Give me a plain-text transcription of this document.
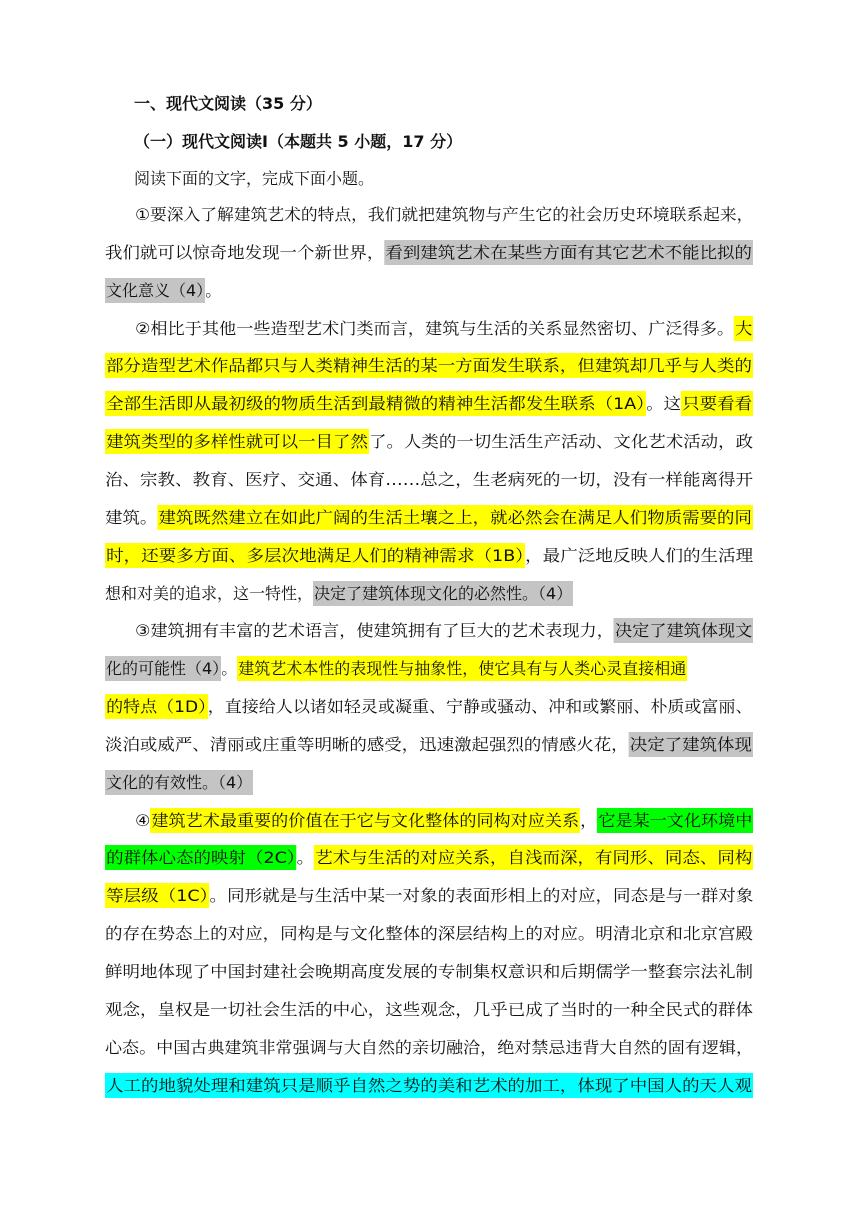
一、现代文阅读（35 分）
（一）现代文阅读Ⅰ（本题共 5 小题，17 分）
阅读下面的文字，完成下面小题。
①要深入了解建筑艺术的特点，我们就把建筑物与产生它的社会历史环境联系起来，
我们就可以惊奇地发现一个新世界，看到建筑艺术在某些方面有其它艺术不能比拟的
文化意义（4）。
②相比于其他一些造型艺术门类而言，建筑与生活的关系显然密切、广泛得多。大
部分造型艺术作品都只与人类精神生活的某一方面发生联系，但建筑却几乎与人类的
全部生活即从最初级的物质生活到最精微的精神生活都发生联系（1A）。这只要看看
建筑类型的多样性就可以一目了然了。人类的一切生活生产活动、文化艺术活动，政
治、宗教、教育、医疗、交通、体育……总之，生老病死的一切，没有一样能离得开
建筑。建筑既然建立在如此广阔的生活土壤之上，就必然会在满足人们物质需要的同
时，还要多方面、多层次地满足人们的精神需求（1B），最广泛地反映人们的生活理
想和对美的追求，这一特性，决定了建筑体现文化的必然性。（4）
③建筑拥有丰富的艺术语言，使建筑拥有了巨大的艺术表现力，决定了建筑体现文
化的可能性（4）。建筑艺术本性的表现性与抽象性，使它具有与人类心灵直接相通
的特点（1D），直接给人以诸如轻灵或凝重、宁静或骚动、冲和或繁丽、朴质或富丽、
淡泊或威严、清丽或庄重等明晰的感受，迅速激起强烈的情感火花，决定了建筑体现
文化的有效性。（4）
④建筑艺术最重要的价值在于它与文化整体的同构对应关系，它是某一文化环境中
的群体心态的映射（2C）。艺术与生活的对应关系，自浅而深，有同形、同态、同构
等层级（1C）。同形就是与生活中某一对象的表面形相上的对应，同态是与一群对象
的存在势态上的对应，同构是与文化整体的深层结构上的对应。明清北京和北京宫殿
鲜明地体现了中国封建社会晚期高度发展的专制集权意识和后期儒学一整套宗法礼制
观念，皇权是一切社会生活的中心，这些观念，几乎已成了当时的一种全民式的群体
心态。中国古典建筑非常强调与大自然的亲切融洽，绝对禁忌违背大自然的固有逻辑，
人工的地貌处理和建筑只是顺乎自然之势的美和艺术的加工，体现了中国人的天人观
